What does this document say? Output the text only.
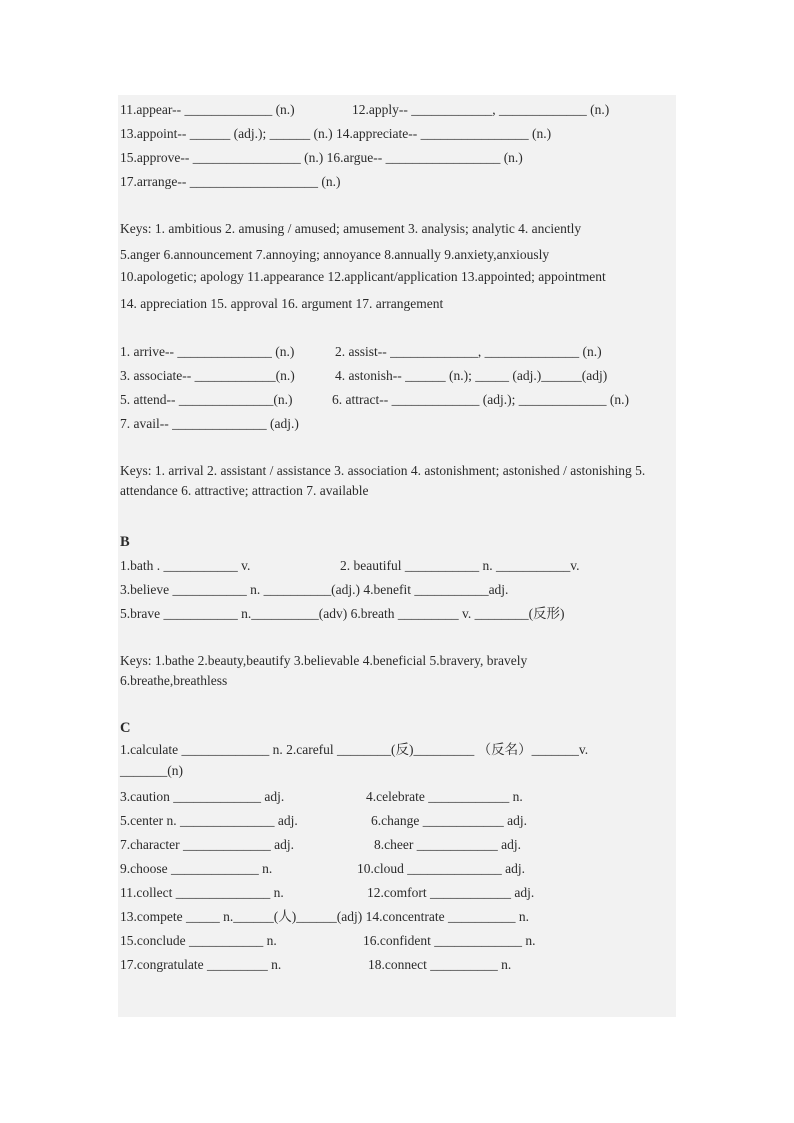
11.appear-- _____________ (n.)	12.apply-- ____________, _____________ (n.)
13.appoint-- ______ (adj.); ______ (n.) 14.appreciate-- ________________ (n.)
15.approve-- ________________ (n.) 16.argue-- _________________ (n.)
17.arrange-- ___________________ (n.)
Keys: 1. ambitious 2. amusing / amused; amusement 3. analysis; analytic 4. anciently
5.anger 6.announcement 7.annoying; annoyance 8.annually 9.anxiety,anxiously
10.apologetic; apology 11.appearance 12.applicant/application 13.appointed; appointment
14. appreciation 15. approval 16. argument 17. arrangement
1. arrive-- ______________ (n.)	2. assist-- _____________, ______________ (n.)
3. associate-- ____________(n.)	4. astonish-- ______ (n.); _____ (adj.)______(adj)
5. attend-- ______________(n.)	6. attract-- _____________ (adj.); _____________ (n.)
7. avail-- ______________ (adj.)
Keys: 1. arrival 2. assistant / assistance 3. association 4. astonishment; astonished / astonishing 5. attendance 6. attractive; attraction 7. available
B
1.bath . ___________ v.	2. beautiful ___________ n. ___________v.
3.believe ___________ n. __________(adj.) 4.benefit ___________adj.
5.brave ___________ n.__________(adv) 6.breath _________ v. ________(反形)
Keys: 1.bathe 2.beauty,beautify 3.believable 4.beneficial 5.bravery, bravely
6.breathe,breathless
C
1.calculate _____________ n. 2.careful ________(反)_________ （反名）_______v.
_______(n)
3.caution _____________ adj.	4.celebrate ____________ n.
5.center n. ______________ adj.	6.change ____________ adj.
7.character _____________ adj.	8.cheer ____________ adj.
9.choose _____________ n.	10.cloud ______________ adj.
11.collect ______________ n.	12.comfort ____________ adj.
13.compete _____ n.______(人)______(adj) 14.concentrate __________ n.
15.conclude ___________ n.	16.confident _____________ n.
17.congratulate _________ n.	18.connect __________ n.
